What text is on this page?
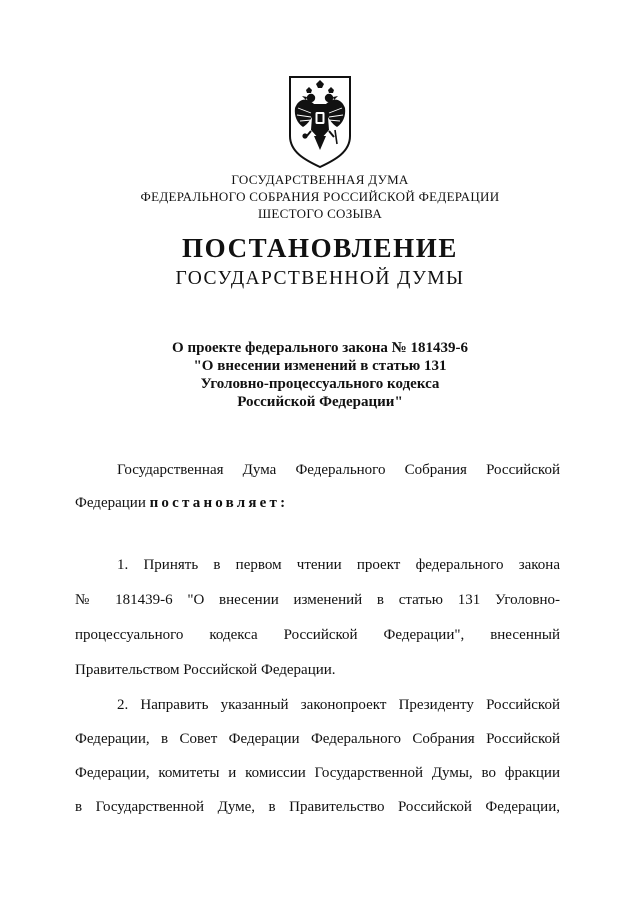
ГОСУДАРСТВЕННАЯ ДУМА
ФЕДЕРАЛЬНОГО СОБРАНИЯ РОССИЙСКОЙ ФЕДЕРАЦИИ
ШЕСТОГО СОЗЫВА
ПОСТАНОВЛЕНИЕ
ГОСУДАРСТВЕННОЙ ДУМЫ
О проекте федерального закона № 181439-6
"О внесении изменений в статью 131
Уголовно-процессуального кодекса
Российской Федерации"
Государственная Дума Федерального Собрания Российской
Федерации постановляет:
1. Принять в первом чтении проект федерального закона
№ 181439-6 "О внесении изменений в статью 131 Уголовно-
процессуального кодекса Российской Федерации", внесенный
Правительством Российской Федерации.
2. Направить указанный законопроект Президенту Российской
Федерации, в Совет Федерации Федерального Собрания Российской
Федерации, комитеты и комиссии Государственной Думы, во фракции
в Государственной Думе, в Правительство Российской Федерации,
